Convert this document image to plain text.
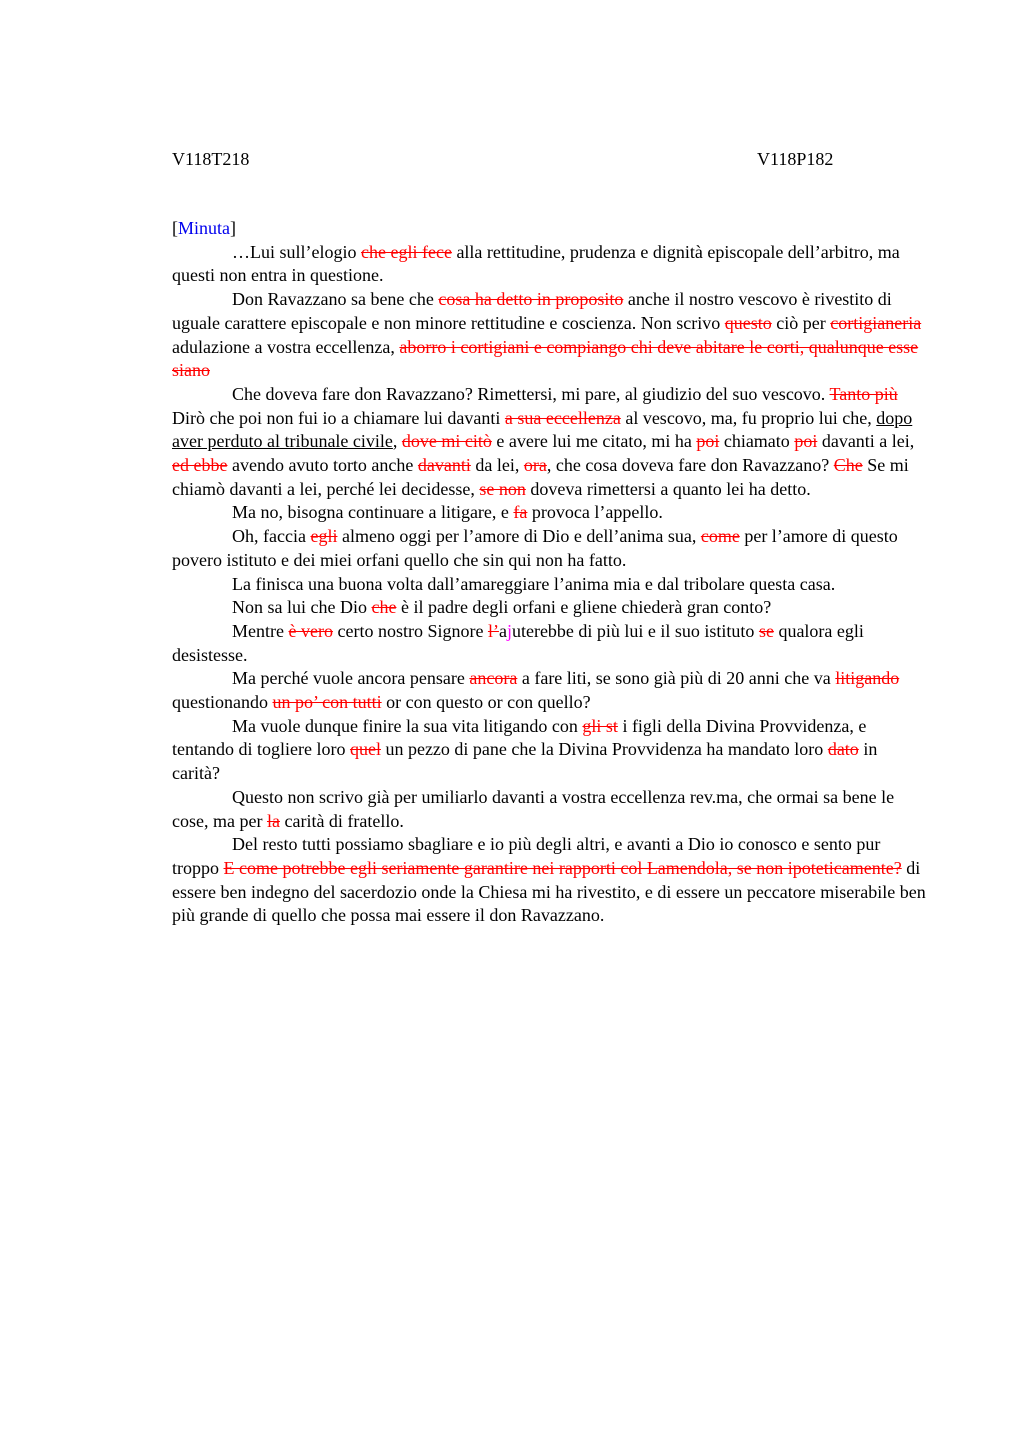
V118T218	V118P182

[Minuta]

…Lui sull’elogio che egli fece alla rettitudine, prudenza e dignità episcopale dell’arbitro, ma questi non entra in questione.

Don Ravazzano sa bene che cosa ha detto in proposito anche il nostro vescovo è rivestito di uguale carattere episcopale e non minore rettitudine e coscienza. Non scrivo questo ciò per cortigianeria adulazione a vostra eccellenza, aborro i cortigiani e compiango chi deve abitare le corti, qualunque esse siano

Che doveva fare don Ravazzano? Rimettersi, mi pare, al giudizio del suo vescovo. Tanto più Dirò che poi non fui io a chiamare lui davanti a sua eccellenza al vescovo, ma, fu proprio lui che, dopo aver perduto al tribunale civile, dove mi citò e avere lui me citato, mi ha poi chiamato poi davanti a lei, ed ebbe avendo avuto torto anche davanti da lei, ora, che cosa doveva fare don Ravazzano? Che Se mi chiamò davanti a lei, perché lei decidesse, se non doveva rimettersi a quanto lei ha detto.

Ma no, bisogna continuare a litigare, e fa provoca l’appello.

Oh, faccia egli almeno oggi per l’amore di Dio e dell’anima sua, come per l’amore di questo povero istituto e dei miei orfani quello che sin qui non ha fatto.

La finisca una buona volta dall’amareggiare l’anima mia e dal tribolare questa casa.

Non sa lui che Dio che è il padre degli orfani e gliene chiederà gran conto?

Mentre è vero certo nostro Signore l’ajuterebbe di più lui e il suo istituto se qualora egli desistesse.

Ma perché vuole ancora pensare ancora a fare liti, se sono già più di 20 anni che va litigando questionando un po’ con tutti or con questo or con quello?

Ma vuole dunque finire la sua vita litigando con gli st i figli della Divina Provvidenza, e tentando di togliere loro quel un pezzo di pane che la Divina Provvidenza ha mandato loro dato in carità?

Questo non scrivo già per umiliarlo davanti a vostra eccellenza rev.ma, che ormai sa bene le cose, ma per la carità di fratello.

Del resto tutti possiamo sbagliare e io più degli altri, e avanti a Dio io conosco e sento pur troppo E come potrebbe egli seriamente garantire nei rapporti col Lamendola, se non ipoteticamente? di essere ben indegno del sacerdozio onde la Chiesa mi ha rivestito, e di essere un peccatore miserabile ben più grande di quello che possa mai essere il don Ravazzano.
